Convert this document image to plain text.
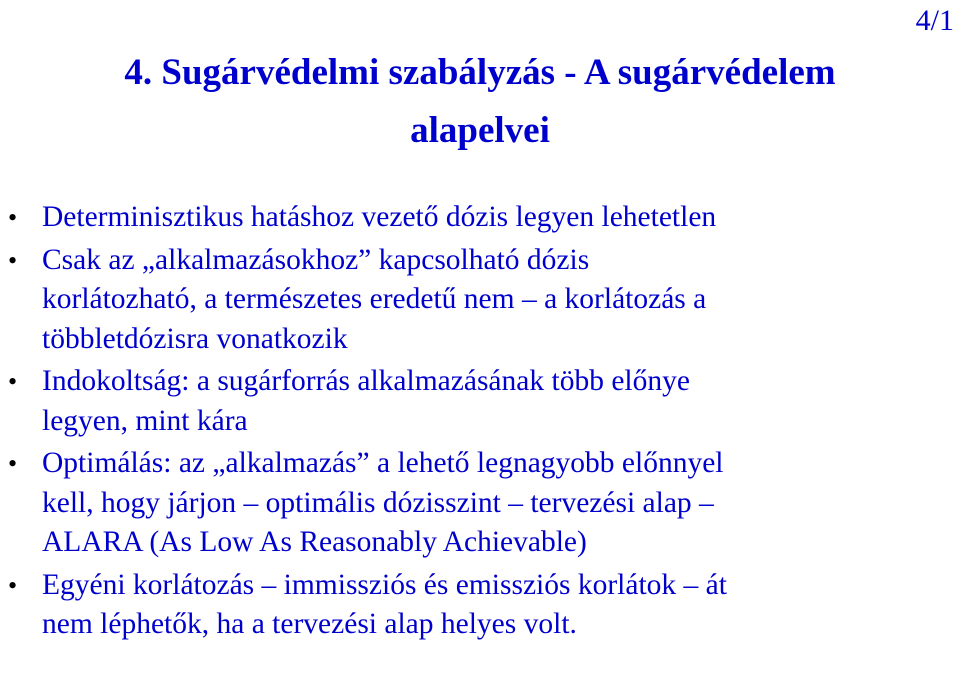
4/1
4. Sugárvédelmi szabályzás - A sugárvédelem
alapelvei
• Determinisztikus hatáshoz vezető dózis legyen lehetetlen
• Csak az „alkalmazásokhoz” kapcsolható dózis
korlátozható, a természetes eredetű nem – a korlátozás a
többletdózisra vonatkozik
• Indokoltság: a sugárforrás alkalmazásának több előnye
legyen, mint kára
• Optimálás: az „alkalmazás” a lehető legnagyobb előnnyel
kell, hogy járjon – optimális dózisszint – tervezési alap –
ALARA (As Low As Reasonably Achievable)
• Egyéni korlátozás – immissziós és emissziós korlátok – át
nem léphetők, ha a tervezési alap helyes volt.
